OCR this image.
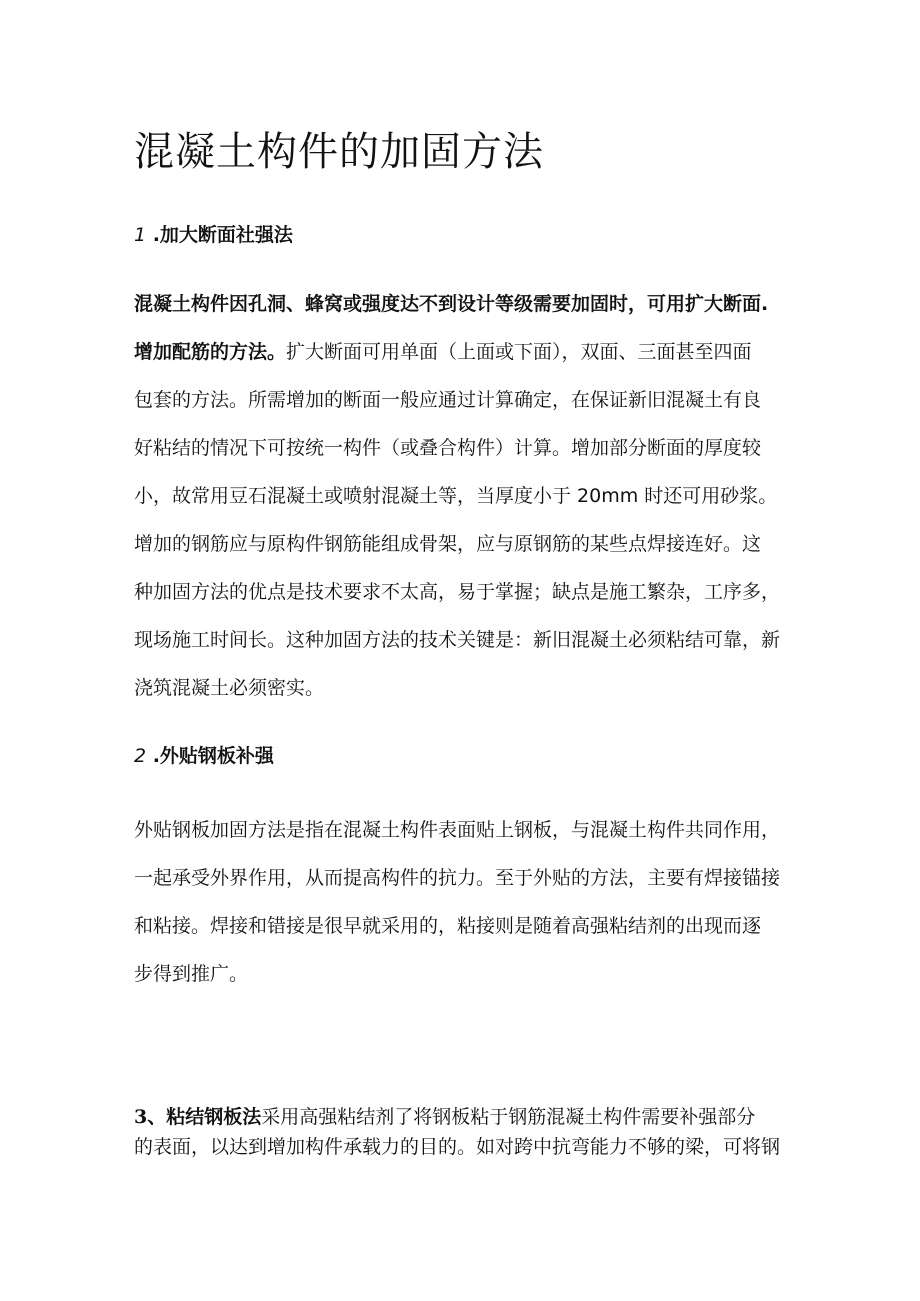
混凝土构件的加固方法
1 .加大断面社强法
混凝土构件因孔洞、蜂窝或强度达不到设计等级需要加固时，可用扩大断面.
增加配筋的方法。扩大断面可用单面（上面或下面），双面、三面甚至四面
包套的方法。所需增加的断面一般应通过计算确定，在保证新旧混凝土有良
好粘结的情况下可按统一构件（或叠合构件）计算。增加部分断面的厚度较
小，故常用豆石混凝土或喷射混凝土等，当厚度小于 20mm 时还可用砂浆。
增加的钢筋应与原构件钢筋能组成骨架，应与原钢筋的某些点焊接连好。这
种加固方法的优点是技术要求不太高，易于掌握；缺点是施工繁杂，工序多，
现场施工时间长。这种加固方法的技术关键是：新旧混凝土必须粘结可靠，新
浇筑混凝土必须密实。
2 .外贴钢板补强
外贴钢板加固方法是指在混凝土构件表面贴上钢板，与混凝土构件共同作用，
一起承受外界作用，从而提高构件的抗力。至于外贴的方法，主要有焊接锚接
和粘接。焊接和错接是很早就采用的，粘接则是随着高强粘结剂的出现而逐
步得到推广。
3、粘结钢板法采用高强粘结剂了将钢板粘于钢筋混凝土构件需要补强部分
的表面，以达到增加构件承载力的目的。如对跨中抗弯能力不够的梁，可将钢
